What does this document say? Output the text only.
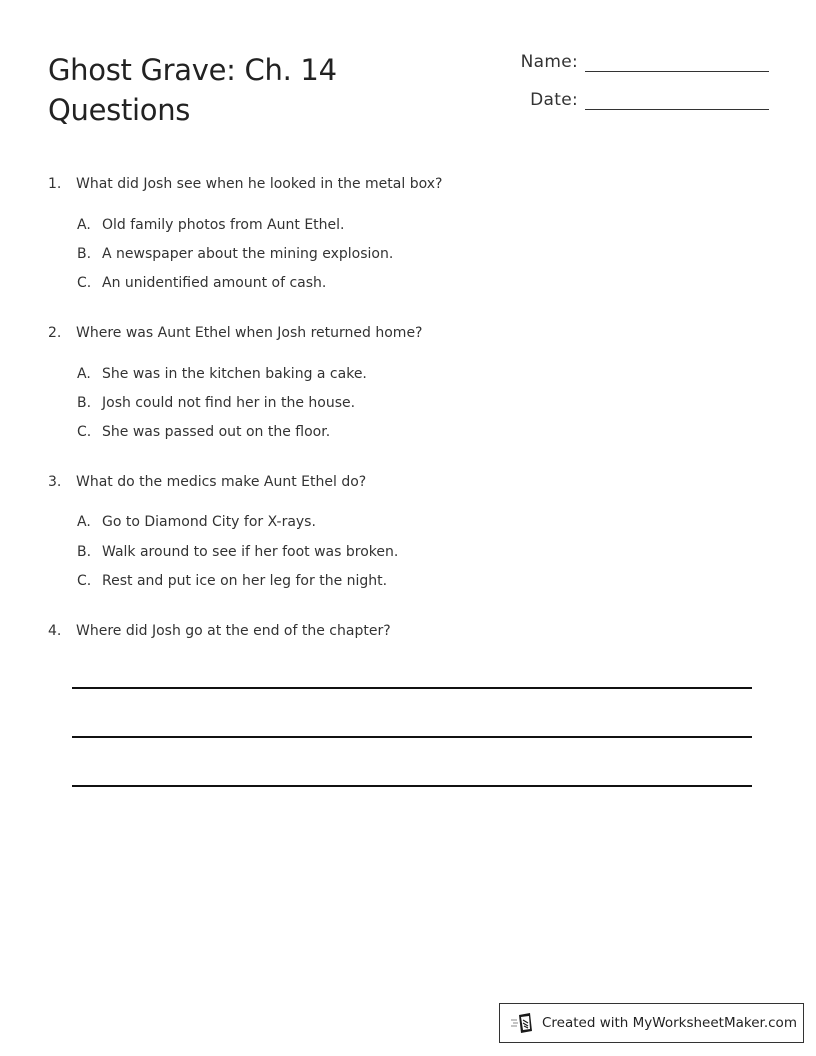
Ghost Grave: Ch. 14 Questions
Name:
Date:
1. What did Josh see when he looked in the metal box?
A. Old family photos from Aunt Ethel.
B. A newspaper about the mining explosion.
C. An unidentified amount of cash.
2. Where was Aunt Ethel when Josh returned home?
A. She was in the kitchen baking a cake.
B. Josh could not find her in the house.
C. She was passed out on the floor.
3. What do the medics make Aunt Ethel do?
A. Go to Diamond City for X-rays.
B. Walk around to see if her foot was broken.
C. Rest and put ice on her leg for the night.
4. Where did Josh go at the end of the chapter?
Created with MyWorksheetMaker.com
